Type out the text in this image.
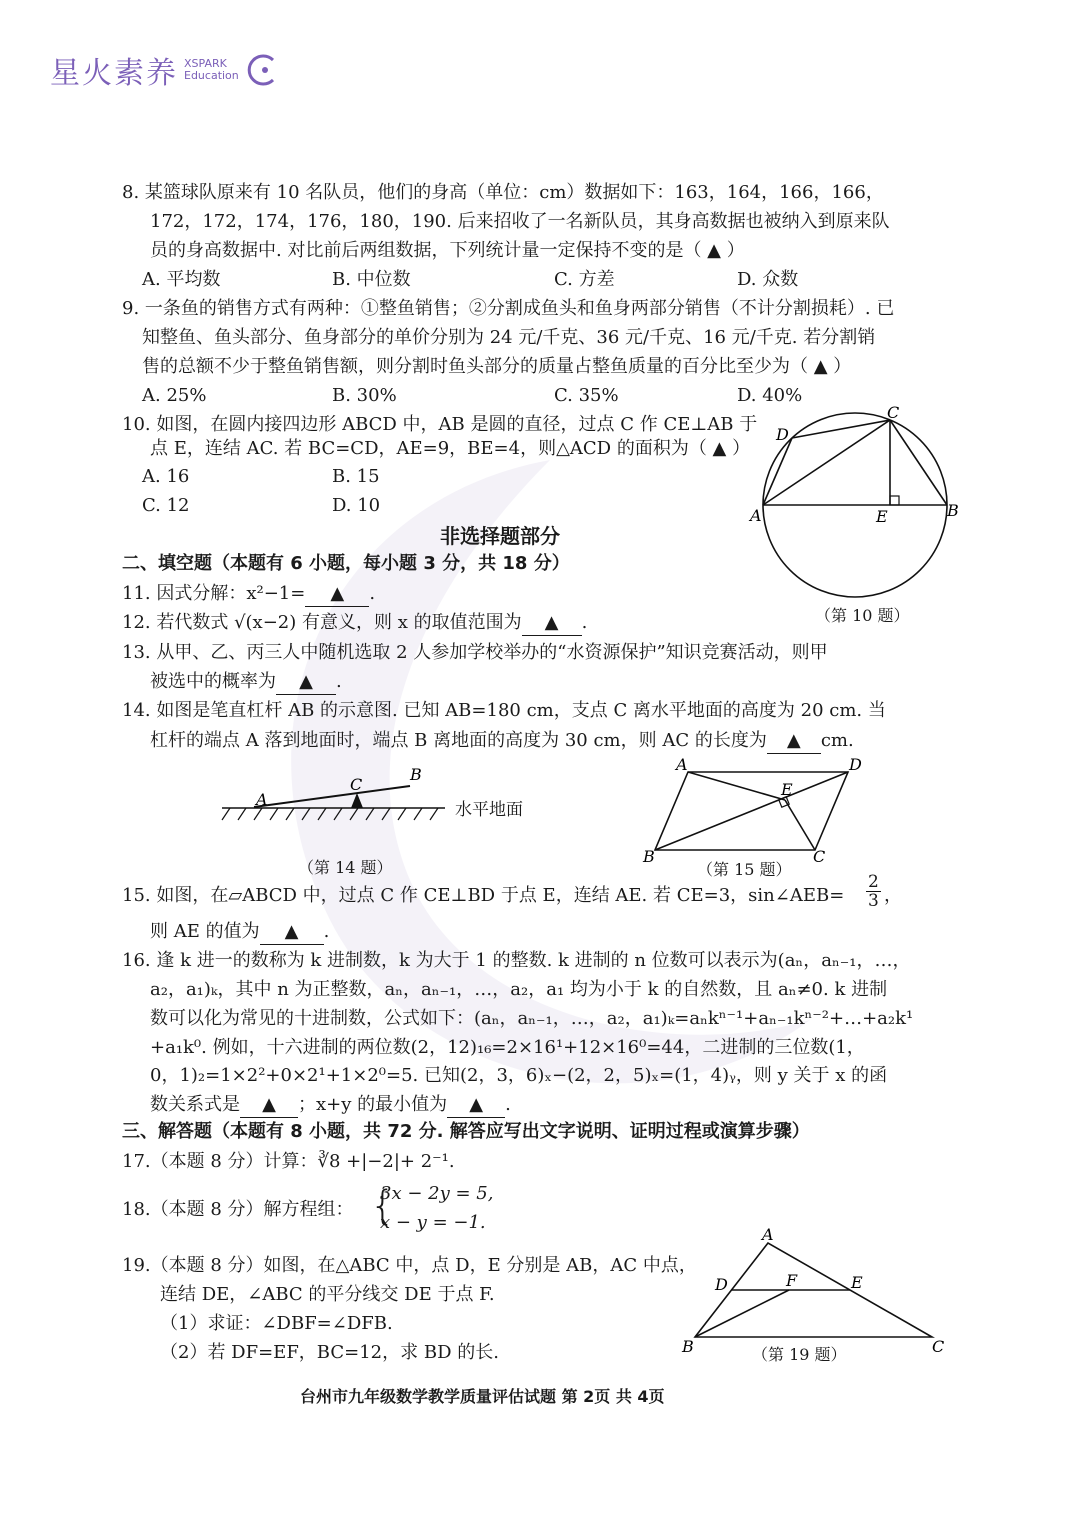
星火素养 XSPARK
Education
8. 某篮球队原来有 10 名队员，他们的身高（单位：cm）数据如下：163，164，166，166，
172，172，174，176，180，190. 后来招收了一名新队员，其身高数据也被纳入到原来队
员的身高数据中. 对比前后两组数据，下列统计量一定保持不变的是（ ▲ ）
A. 平均数	B. 中位数	C. 方差	D. 众数
9. 一条鱼的销售方式有两种：①整鱼销售；②分割成鱼头和鱼身两部分销售（不计分割损耗）. 已
知整鱼、鱼头部分、鱼身部分的单价分别为 24 元/千克、36 元/千克、16 元/千克. 若分割销
售的总额不少于整鱼销售额，则分割时鱼头部分的质量占整鱼质量的百分比至少为（ ▲ ）
A. 25%	B. 30%	C. 35%	D. 40%
10. 如图，在圆内接四边形 ABCD 中，AB 是圆的直径，过点 C 作 CE⊥AB 于
点 E，连结 AC. 若 BC=CD，AE=9，BE=4，则△ACD 的面积为（ ▲ ）
A. 16	B. 15
C. 12	D. 10	A	B
C
D
E
（第 10 题）
非选择题部分
二、填空题（本题有 6 小题，每小题 3 分，共 18 分）
11. 因式分解：x²−1= ▲ .
12. 若代数式 √(x−2) 有意义，则 x 的取值范围为 ▲ .
13. 从甲、乙、丙三人中随机选取 2 人参加学校举办的“水资源保护”知识竞赛活动，则甲
被选中的概率为 ▲ .
14. 如图是笔直杠杆 AB 的示意图. 已知 AB=180 cm，支点 C 离水平地面的高度为 20 cm. 当
杠杆的端点 A 落到地面时，端点 B 离地面的高度为 30 cm，则 AC 的长度为 ▲ cm.
A
B
C
水平地面
（第 14 题）
A
B	C
D
E
（第 15 题）
15. 如图，在▱ABCD 中，过点 C 作 CE⊥BD 于点 E，连结 AE. 若 CE=3，sin∠AEB=
2
3 ，
则 AE 的值为 ▲ .
16. 逢 k 进一的数称为 k 进制数，k 为大于 1 的整数. k 进制的 n 位数可以表示为(aₙ，aₙ₋₁，…，
a₂，a₁)ₖ，其中 n 为正整数，aₙ，aₙ₋₁，…，a₂，a₁ 均为小于 k 的自然数，且 aₙ≠0. k 进制
数可以化为常见的十进制数，公式如下：(aₙ，aₙ₋₁，…，a₂，a₁)ₖ=aₙkⁿ⁻¹+aₙ₋₁kⁿ⁻²+…+a₂k¹
+a₁k⁰. 例如，十六进制的两位数(2，12)₁₆=2×16¹+12×16⁰=44，二进制的三位数(1，
0，1)₂=1×2²+0×2¹+1×2⁰=5. 已知(2，3，6)ₓ−(2，2，5)ₓ=(1，4)ᵧ，则 y 关于 x 的函
数关系式是 ▲ ；x+y 的最小值为 ▲ .
三、解答题（本题有 8 小题，共 72 分. 解答应写出文字说明、证明过程或演算步骤）
17.（本题 8 分）计算：∛8 +|−2|+ 2⁻¹.
18.（本题 8 分）解方程组： {
3x − 2y = 5,
x − y = −1.
19.（本题 8 分）如图，在△ABC 中，点 D，E 分别是 AB，AC 中点，
连结 DE，∠ABC 的平分线交 DE 于点 F.
（1）求证：∠DBF=∠DFB.
（2）若 DF=EF，BC=12，求 BD 的长.
A
B	C
D	E
F
（第 19 题）
台州市九年级数学教学质量评估试题 第 2页 共 4页
